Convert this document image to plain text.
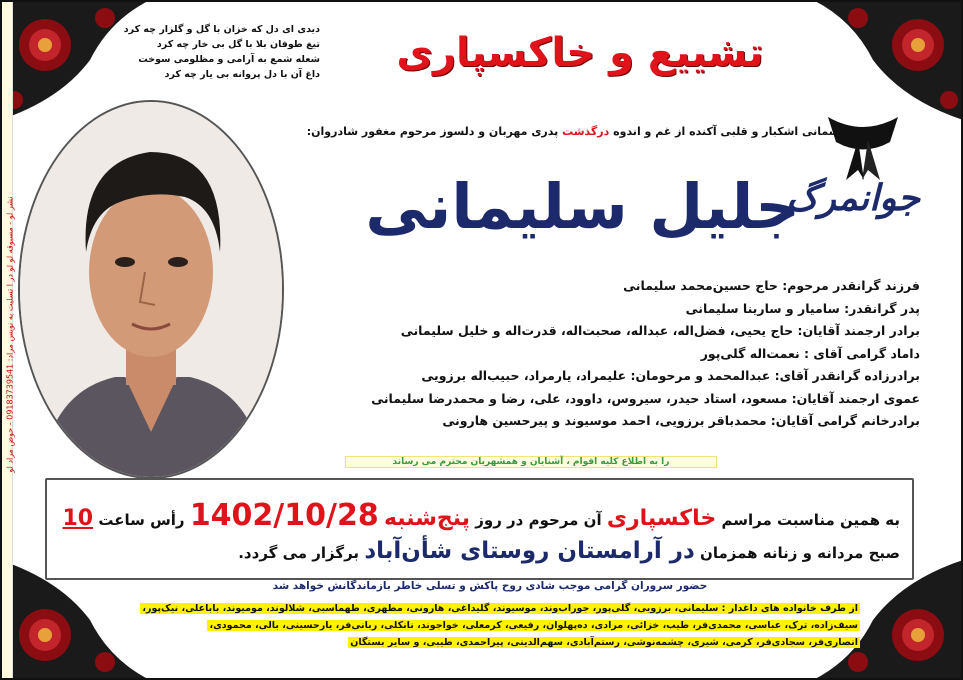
نشر لو - مسبوقه لو لو در ا تسلیت به نویس مراد: 09183739541 - حوض مراد لو
دیدی ای دل که خزان با گل و گلزار چه کرد
تیغ طوفان بلا با گل بی خار چه کرد
شعله شمع به آرامی و مظلومی سوخت
داغ آن با دل پروانه بی یار چه کرد	تشییع و خاکسپاری
با چشمانی اشکبار و قلبی آکنده از غم و اندوه درگذشت پدری مهربان و دلسوز مرحوم مغفور شادروان:
جوانمرگ
جلیل سلیمانی
فرزند گرانقدر مرحوم: حاج حسین‌محمد سلیمانی
پدر گرانقدر: سامیار و سارینا سلیمانی
برادر ارجمند آقایان: حاج یحیی، فضل‌اله، عبداله، صحبت‌اله، قدرت‌اله و خلیل سلیمانی
داماد گرامی آقای : نعمت‌اله گلی‌پور
برادرزاده گرانقدر آقای: عبدالمحمد و مرحومان: علیمراد، یارمراد، حبیب‌اله برزویی
عموی ارجمند آقایان: مسعود، استاد حیدر، سیروس، داوود، علی، رضا و محمدرضا سلیمانی
برادرخانم گرامی آقایان: محمدباقر برزویی، احمد موسیوند و پیرحسین هارونی
را به اطلاع کلیه اقوام ، آشنایان و همشهریان محترم می رساند
به همین مناسبت مراسم خاکسپاری آن مرحوم در روز پنج‌شنبه 1402/10/28 رأس ساعت 10
صبح مردانه و زنانه همزمان در آرامستان روستای شأن‌آباد برگزار می گردد.
حضور سروران گرامی موجب شادی روح پاکش و تسلی خاطر بازماندگانش خواهد شد
از طرف خانواده های داغدار : سلیمانی، برزویی، گلی‌پور، جوراب‌وند، موسیوند، گلیداغی، هارونی، مطهری، طهماسبی، شلالوند، مومیوند، باباعلی، نیک‌پور،
سیف‌زاده، ترک، عباسی، محمدی‌فر، طیب، خزائی، مرادی، ده‌پهلوان، رفیعی، کرمعلی، خواجوند، نانکلی، ربانی‌فر، یارحسینی، بالی، محمودی،
انصاری‌فر، سجادی‌فر، کرمی، شیری، چشمه‌نوشی، رستم‌آبادی، سهم‌الدینی، پیراحمدی، طیبی، و سایر بستگان
